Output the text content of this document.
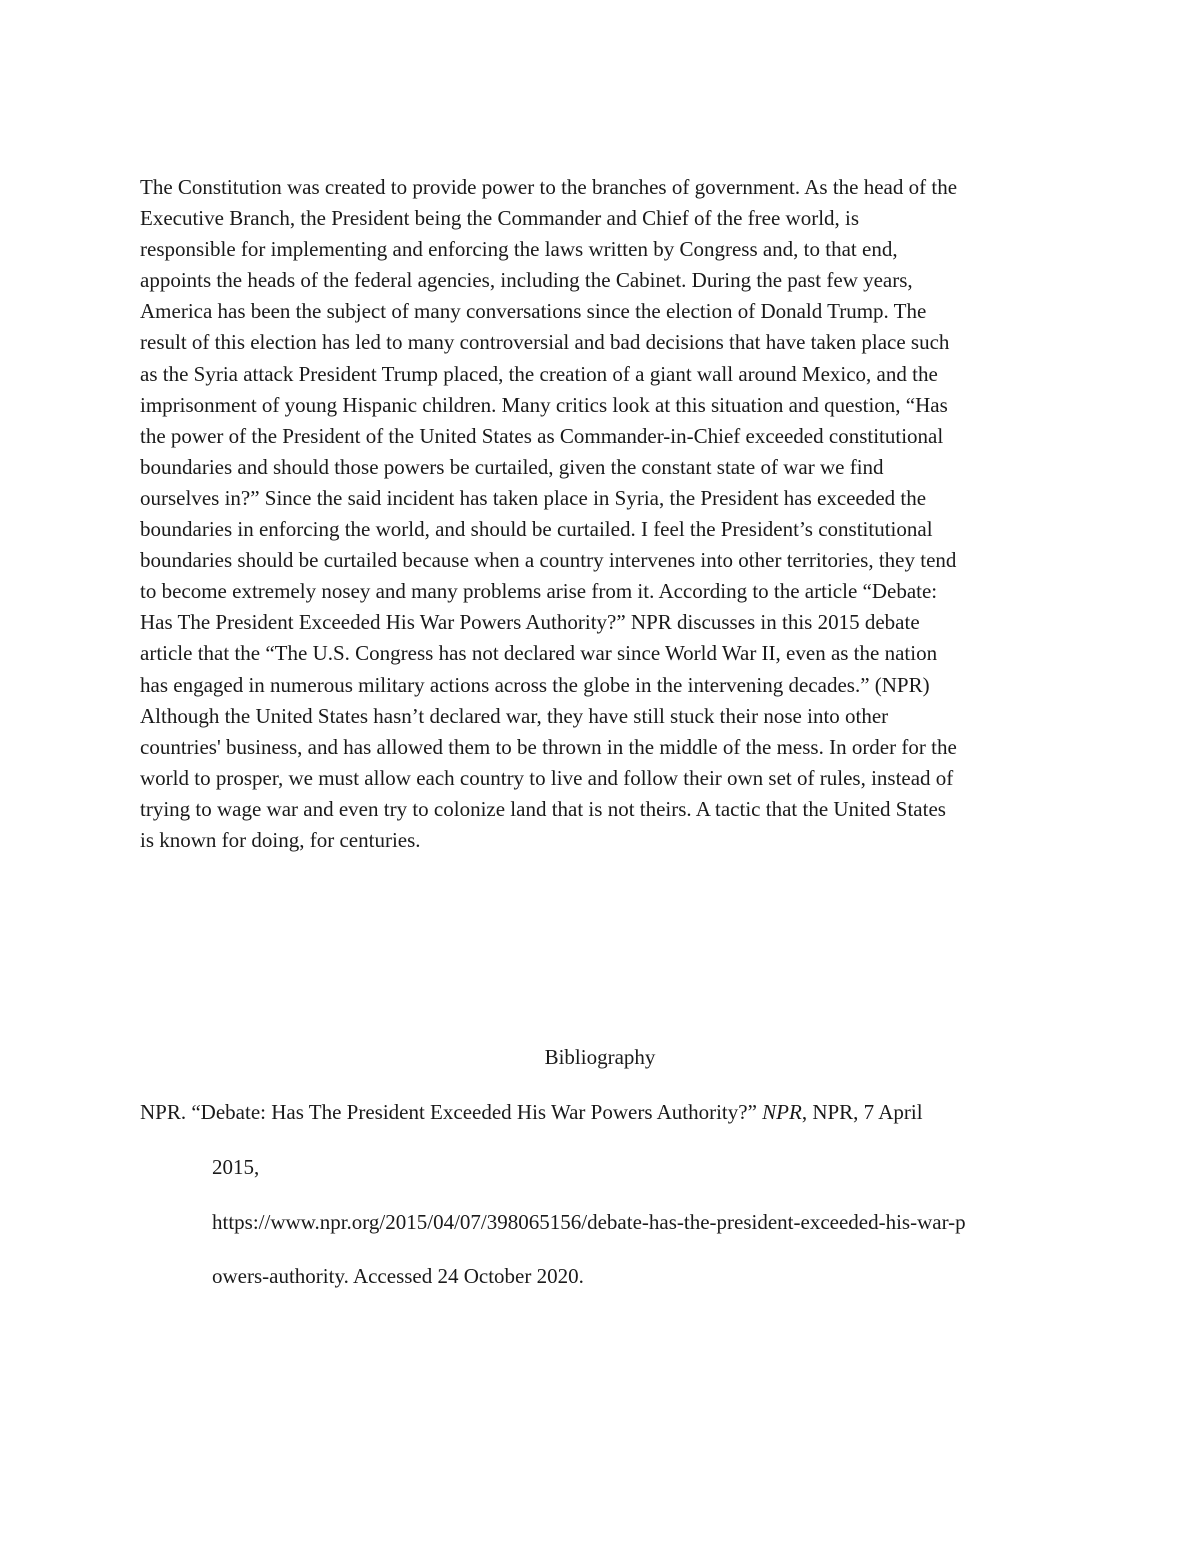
The Constitution was created to provide power to the branches of government. As the head of the
Executive Branch, the President being the Commander and Chief of the free world, is
responsible for implementing and enforcing the laws written by Congress and, to that end,
appoints the heads of the federal agencies, including the Cabinet. During the past few years,
America has been the subject of many conversations since the election of Donald Trump. The
result of this election has led to many controversial and bad decisions that have taken place such
as the Syria attack President Trump placed, the creation of a giant wall around Mexico, and the
imprisonment of young Hispanic children. Many critics look at this situation and question, “Has
the power of the President of the United States as Commander-in-Chief exceeded constitutional
boundaries and should those powers be curtailed, given the constant state of war we find
ourselves in?” Since the said incident has taken place in Syria, the President has exceeded the
boundaries in enforcing the world, and should be curtailed. I feel the President’s constitutional
boundaries should be curtailed because when a country intervenes into other territories, they tend
to become extremely nosey and many problems arise from it. According to the article “Debate:
Has The President Exceeded His War Powers Authority?” NPR discusses in this 2015 debate
article that the “The U.S. Congress has not declared war since World War II, even as the nation
has engaged in numerous military actions across the globe in the intervening decades.” (NPR)
Although the United States hasn’t declared war, they have still stuck their nose into other
countries' business, and has allowed them to be thrown in the middle of the mess. In order for the
world to prosper, we must allow each country to live and follow their own set of rules, instead of
trying to wage war and even try to colonize land that is not theirs. A tactic that the United States
is known for doing, for centuries.

Bibliography

NPR. “Debate: Has The President Exceeded His War Powers Authority?” NPR, NPR, 7 April

2015,

https://www.npr.org/2015/04/07/398065156/debate-has-the-president-exceeded-his-war-p

owers-authority. Accessed 24 October 2020.
